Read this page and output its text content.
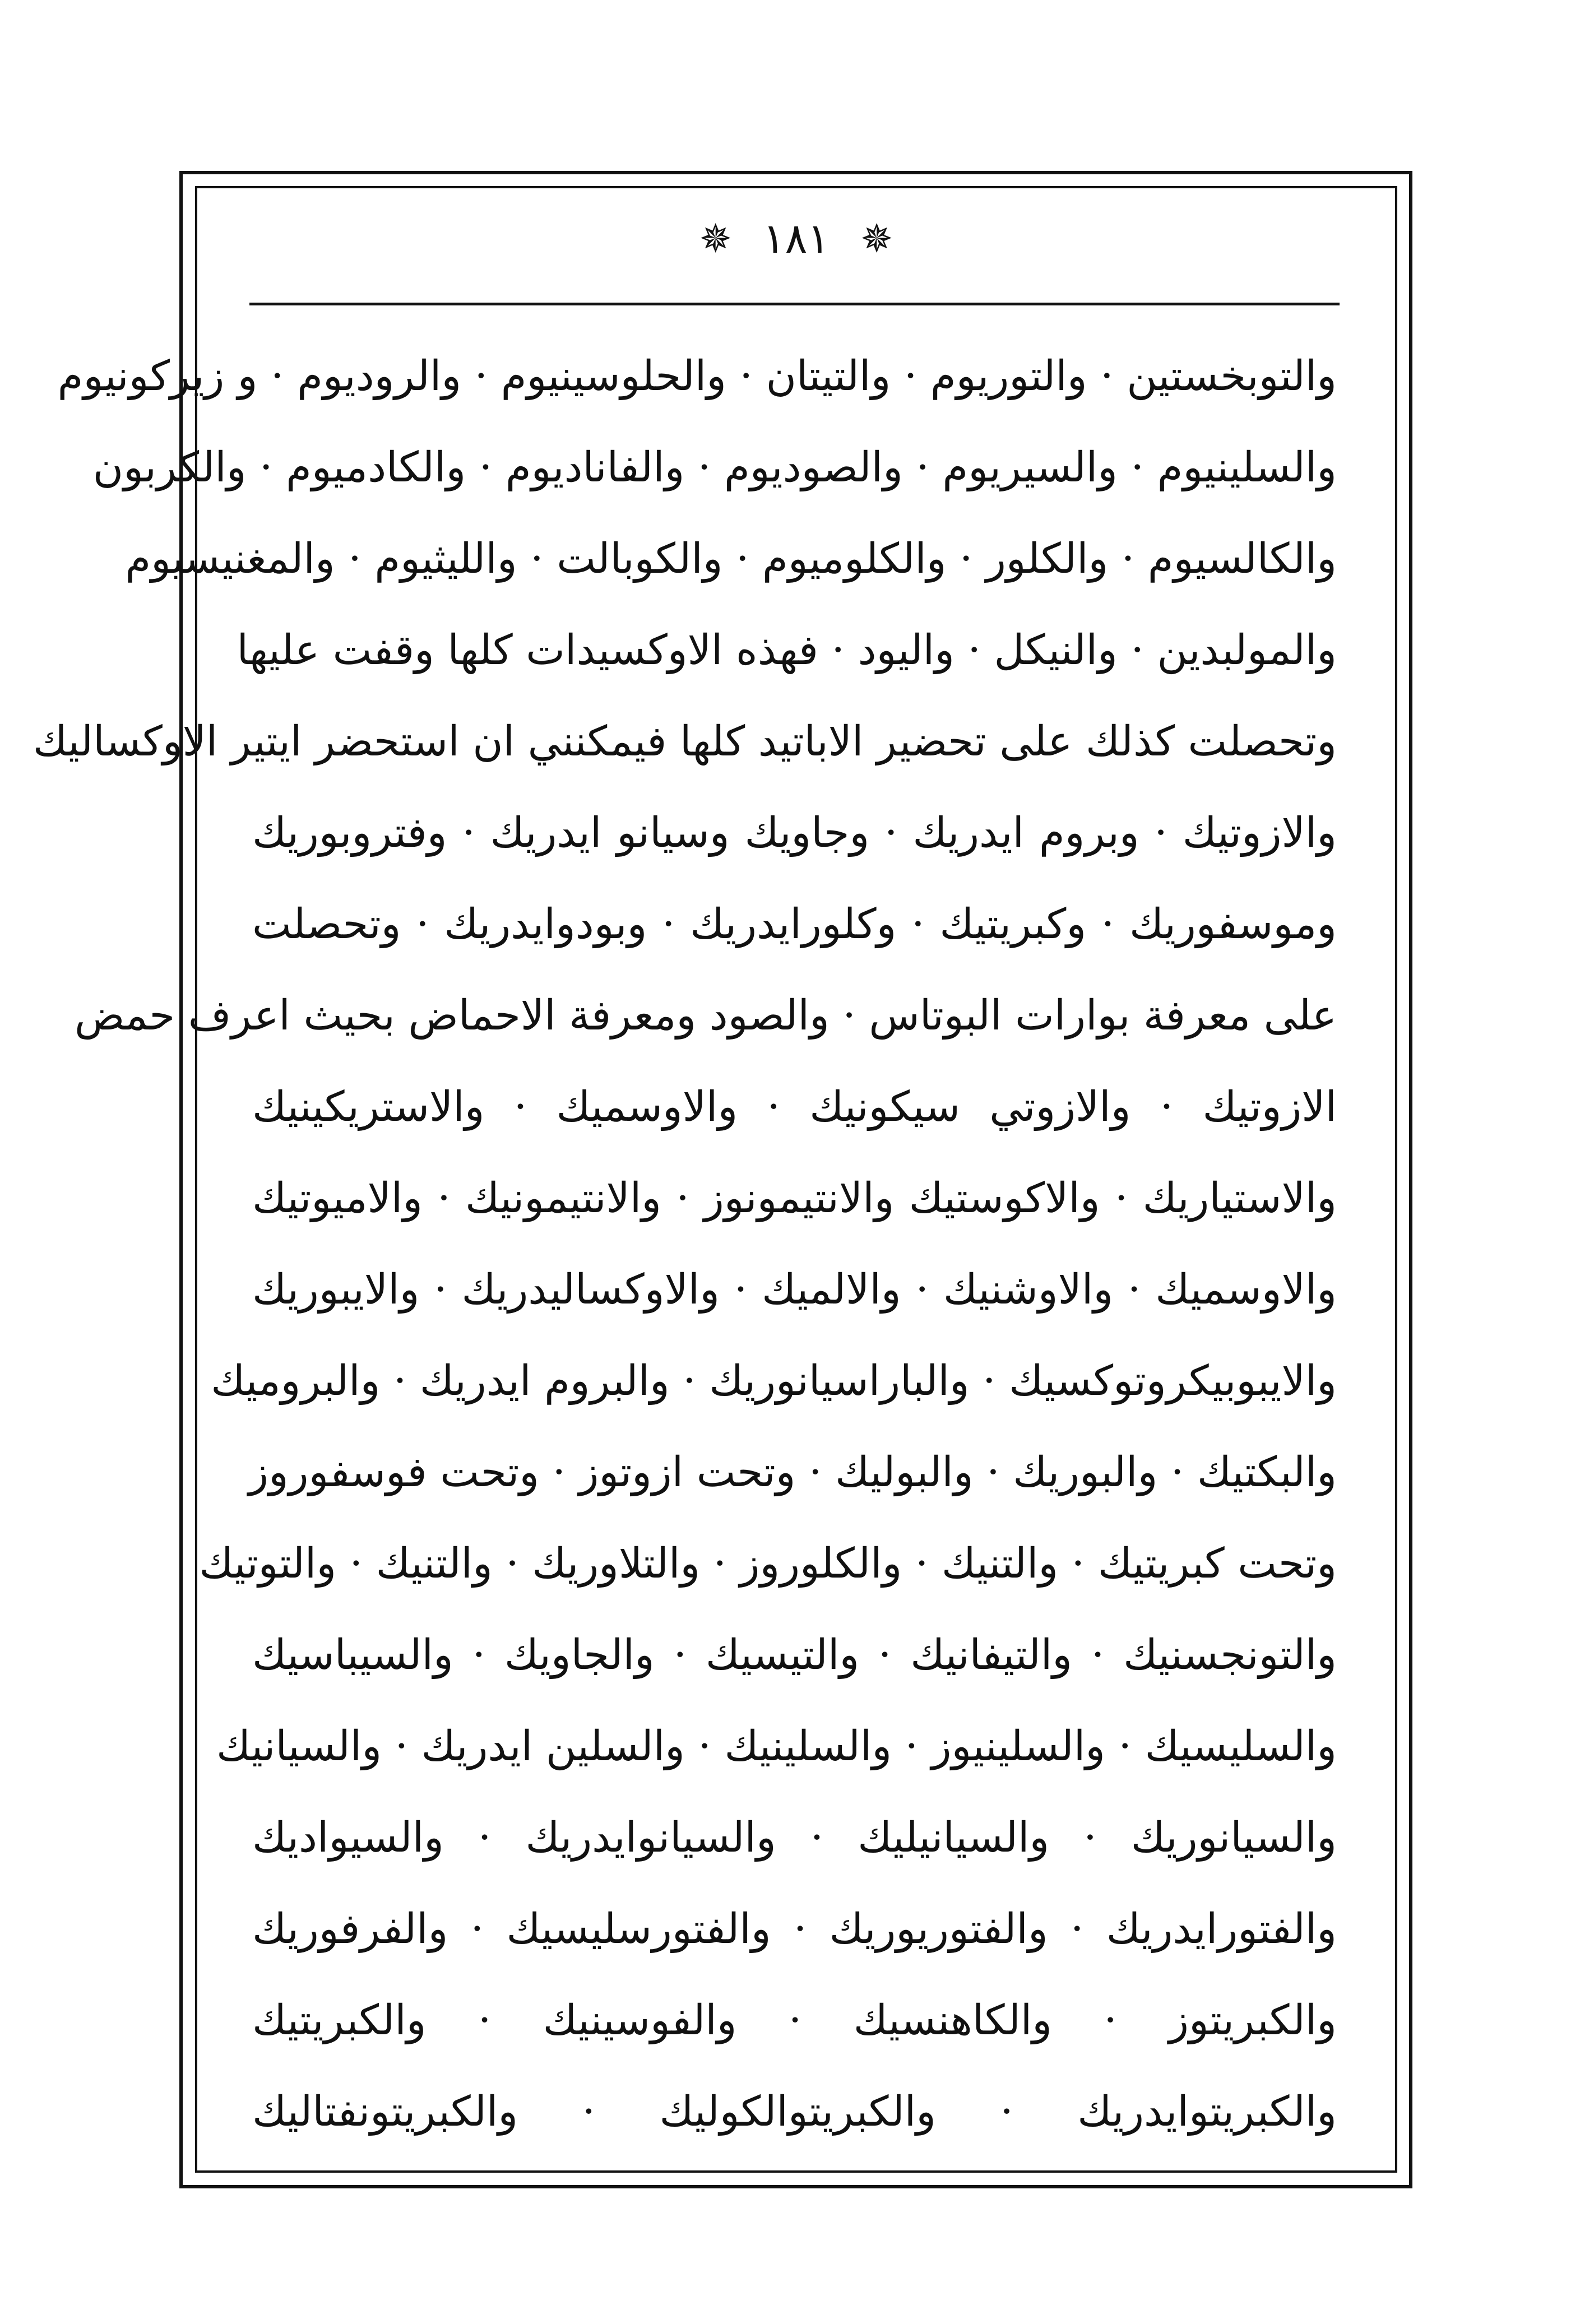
✵ ١٨١ ✵
والتوبخستين · والتوريوم · والتيتان · والحلوسينيوم · والروديوم · و زيركونيوم
والسلينيوم · والسيريوم · والصوديوم · والفاناديوم · والكادميوم · والكربون
والكالسيوم · والكلور · والكلوميوم · والكوبالت · والليثيوم · والمغنيسيوم
والمولبدين · والنيكل · واليود · فهذه الاوكسيدات كلها وقفت عليها
وتحصلت كذلك على تحضير الاباتيد كلها فيمكنني ان استحضر ايتير الاوكساليك
والازوتيك · وبروم ايدريك · وجاويك وسيانو ايدريك · وفتروبوريك
وموسفوريك · وكبريتيك · وكلورايدريك · وبودوايدريك · وتحصلت
على معرفة بوارات البوتاس · والصود ومعرفة الاحماض بحيث اعرف حمض
الازوتيك · والازوتي سيكونيك · والاوسميك · والاستريكينيك
والاستياريك · والاكوستيك والانتيمونوز · والانتيمونيك · والاميوتيك
والاوسميك · والاوشنيك · والالميك · والاوكساليدريك · والايبوريك
والايبوبيكروتوكسيك · والباراسيانوريك · والبروم ايدريك · والبروميك
والبكتيك · والبوريك · والبوليك · وتحت ازوتوز · وتحت فوسفوروز
وتحت كبريتيك · والتنيك · والكلوروز · والتلاوريك · والتنيك · والتوتيك
والتونجسنيك · والتيفانيك · والتيسيك · والجاويك · والسيباسيك
والسليسيك · والسلينيوز · والسلينيك · والسلين ايدريك · والسيانيك
والسيانوريك · والسيانيليك · والسيانوايدريك · والسيواديك
والفتورايدريك · والفتوريوريك · والفتورسليسيك · والفرفوريك
والكبريتوز · والكاهنسيك · والفوسينيك · والكبريتيك
والكبريتوايدريك · والكبريتوالكوليك · والكبريتونفتاليك
